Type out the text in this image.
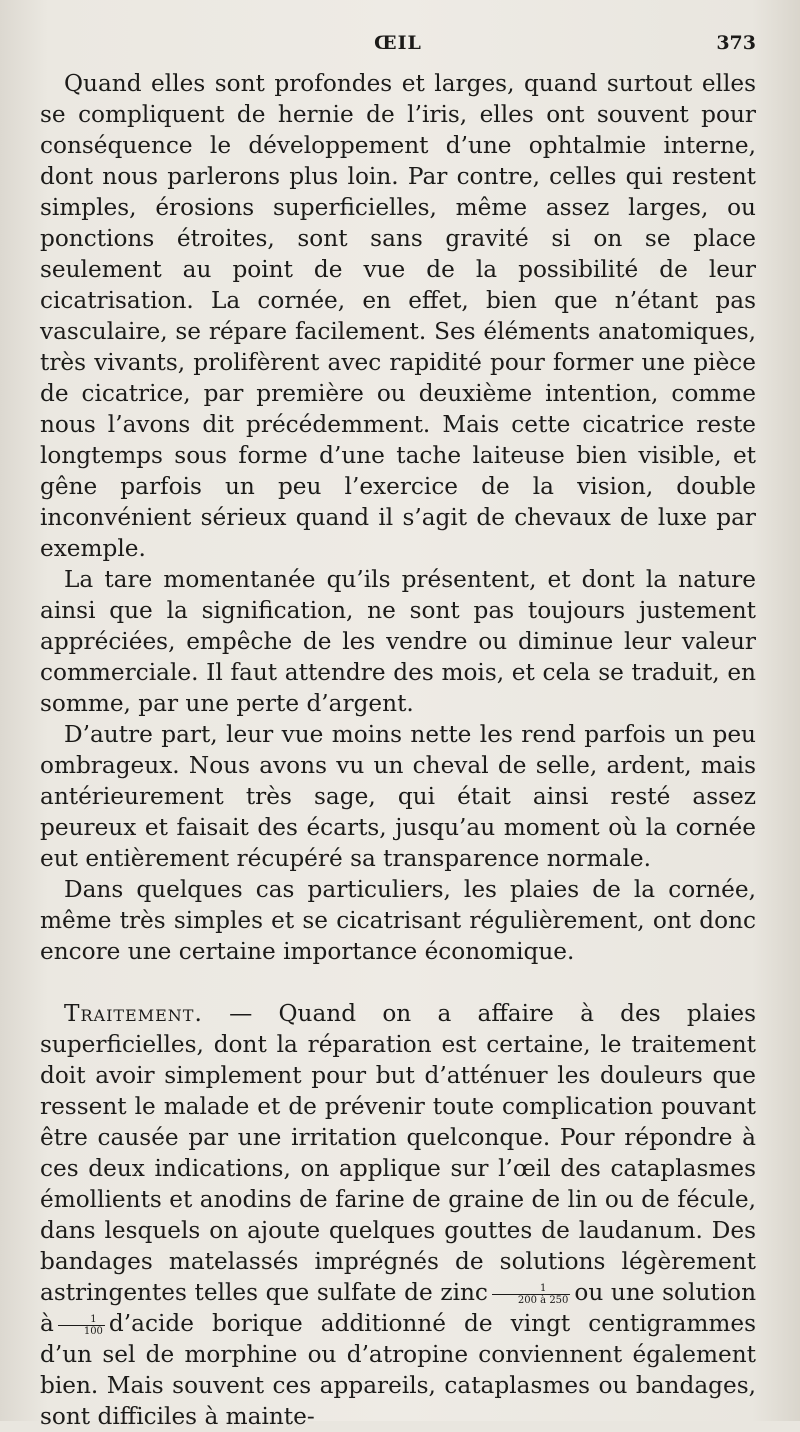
ŒIL	373

Quand elles sont profondes et larges, quand surtout elles se compliquent de hernie de l’iris, elles ont souvent pour conséquence le développement d’une ophtalmie interne, dont nous parlerons plus loin. Par contre, celles qui restent simples, érosions superficielles, même assez larges, ou ponctions étroites, sont sans gravité si on se place seulement au point de vue de la possibilité de leur cicatrisation. La cornée, en effet, bien que n’étant pas vasculaire, se répare facilement. Ses éléments anatomiques, très vivants, prolifèrent avec rapidité pour former une pièce de cicatrice, par première ou deuxième intention, comme nous l’avons dit précédemment. Mais cette cicatrice reste longtemps sous forme d’une tache laiteuse bien visible, et gêne parfois un peu l’exercice de la vision, double inconvénient sérieux quand il s’agit de chevaux de luxe par exemple.

La tare momentanée qu’ils présentent, et dont la nature ainsi que la signification, ne sont pas toujours justement appréciées, empêche de les vendre ou diminue leur valeur commerciale. Il faut attendre des mois, et cela se traduit, en somme, par une perte d’argent.

D’autre part, leur vue moins nette les rend parfois un peu ombrageux. Nous avons vu un cheval de selle, ardent, mais antérieurement très sage, qui était ainsi resté assez peureux et faisait des écarts, jusqu’au moment où la cornée eut entièrement récupéré sa transparence normale.

Dans quelques cas particuliers, les plaies de la cornée, même très simples et se cicatrisant régulièrement, ont donc encore une certaine importance économique.

Traitement. — Quand on a affaire à des plaies superficielles, dont la réparation est certaine, le traitement doit avoir simplement pour but d’atténuer les douleurs que ressent le malade et de prévenir toute complication pouvant être causée par une irritation quelconque. Pour répondre à ces deux indications, on applique sur l’œil des cataplasmes émollients et anodins de farine de graine de lin ou de fécule, dans lesquels on ajoute quelques gouttes de laudanum. Des bandages matelassés imprégnés de solutions légèrement astringentes telles que sulfate de zinc $\frac{1}{200 à 250}$ ou une solution à $\frac{1}{100}$ d’acide borique additionné de vingt centigrammes d’un sel de morphine ou d’atropine conviennent également bien. Mais souvent ces appareils, cataplasmes ou bandages, sont difficiles à mainte-
